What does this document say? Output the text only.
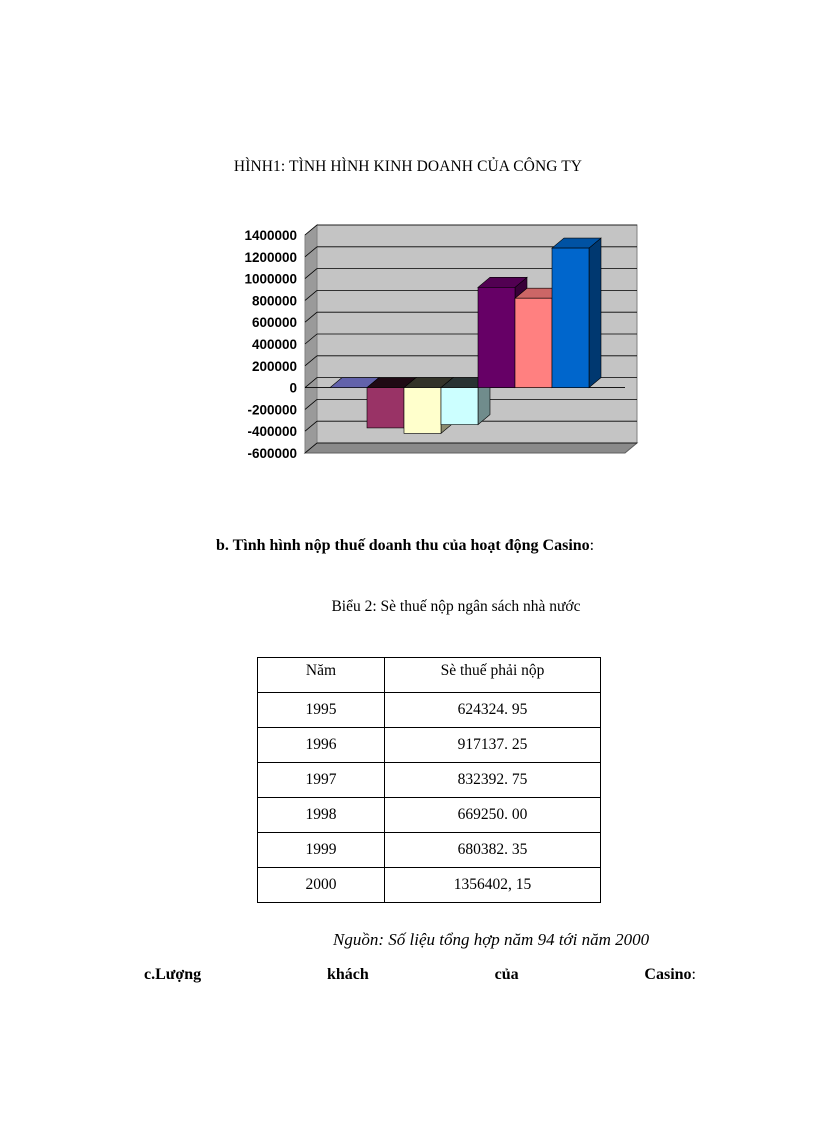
HÌNH1: TÌNH HÌNH KINH DOANH CỦA CÔNG TY
1400000
1200000
1000000
800000
600000
400000
200000
0
-200000
-400000
-600000
b. Tình hình nộp thuế doanh thu của hoạt động Casino:
Biểu 2: Sè thuế nộp ngân sách nhà nước
Năm	Sè thuế phải nộp
1995	624324. 95
1996	917137. 25
1997	832392. 75
1998	669250. 00
1999	680382. 35
2000	1356402, 15
Nguồn: Số liệu tổng hợp năm 94 tới năm 2000
c.Lượng	khách	của	Casino:
